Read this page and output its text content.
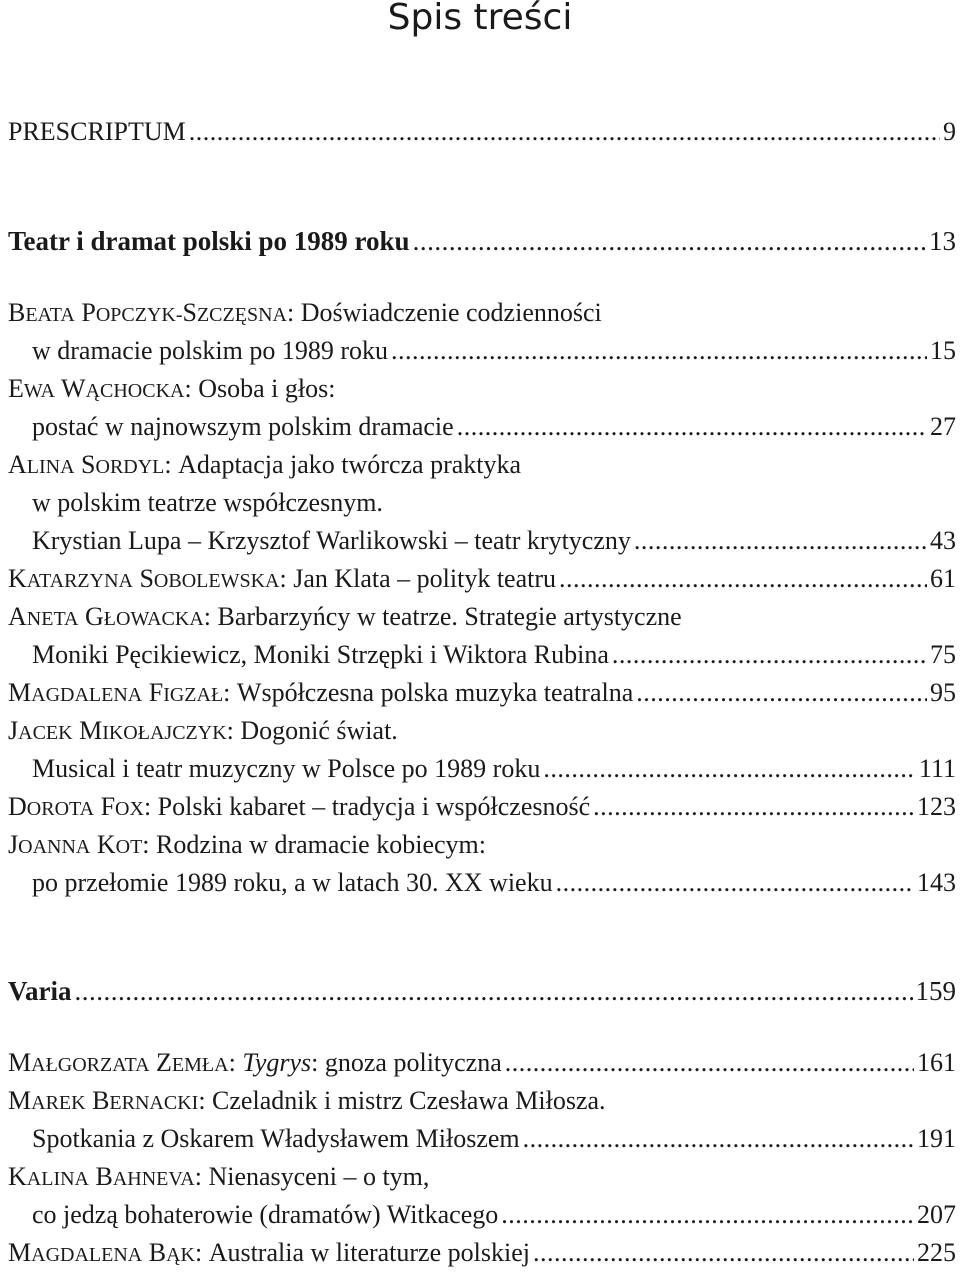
Spis treści
PRESCRIPTUM .....	9
Teatr i dramat polski po 1989 roku .....	13
BEATA POPCZYK-SZCZĘSNA: Doświadczenie codzienności
w dramacie polskim po 1989 roku .....	15
EWA WĄCHOCKA: Osoba i głos:
postać w najnowszym polskim dramacie .....	27
ALINA SORDYL: Adaptacja jako twórcza praktyka
w polskim teatrze współczesnym.
Krystian Lupa – Krzysztof Warlikowski – teatr krytyczny .....	43
KATARZYNA SOBOLEWSKA: Jan Klata – polityk teatru .....	61
ANETA GŁOWACKA: Barbarzyńcy w teatrze. Strategie artystyczne
Moniki Pęcikiewicz, Moniki Strzępki i Wiktora Rubina .....	75
MAGDALENA FIGZAŁ: Współczesna polska muzyka teatralna .....	95
JACEK MIKOŁAJCZYK: Dogonić świat.
Musical i teatr muzyczny w Polsce po 1989 roku .....	111
DOROTA FOX: Polski kabaret – tradycja i współczesność .....	123
JOANNA KOT: Rodzina w dramacie kobiecym:
po przełomie 1989 roku, a w latach 30. XX wieku .....	143
Varia .....	159
MAŁGORZATA ZEMŁA: Tygrys : gnoza polityczna .....	161
MAREK BERNACKI: Czeladnik i mistrz Czesława Miłosza.
Spotkania z Oskarem Władysławem Miłoszem .....	191
KALINA BAHNEVA: Nienasyceni – o tym,
co jedzą bohaterowie (dramatów) Witkacego .....	207
MAGDALENA BĄK: Australia w literaturze polskiej .....	225
